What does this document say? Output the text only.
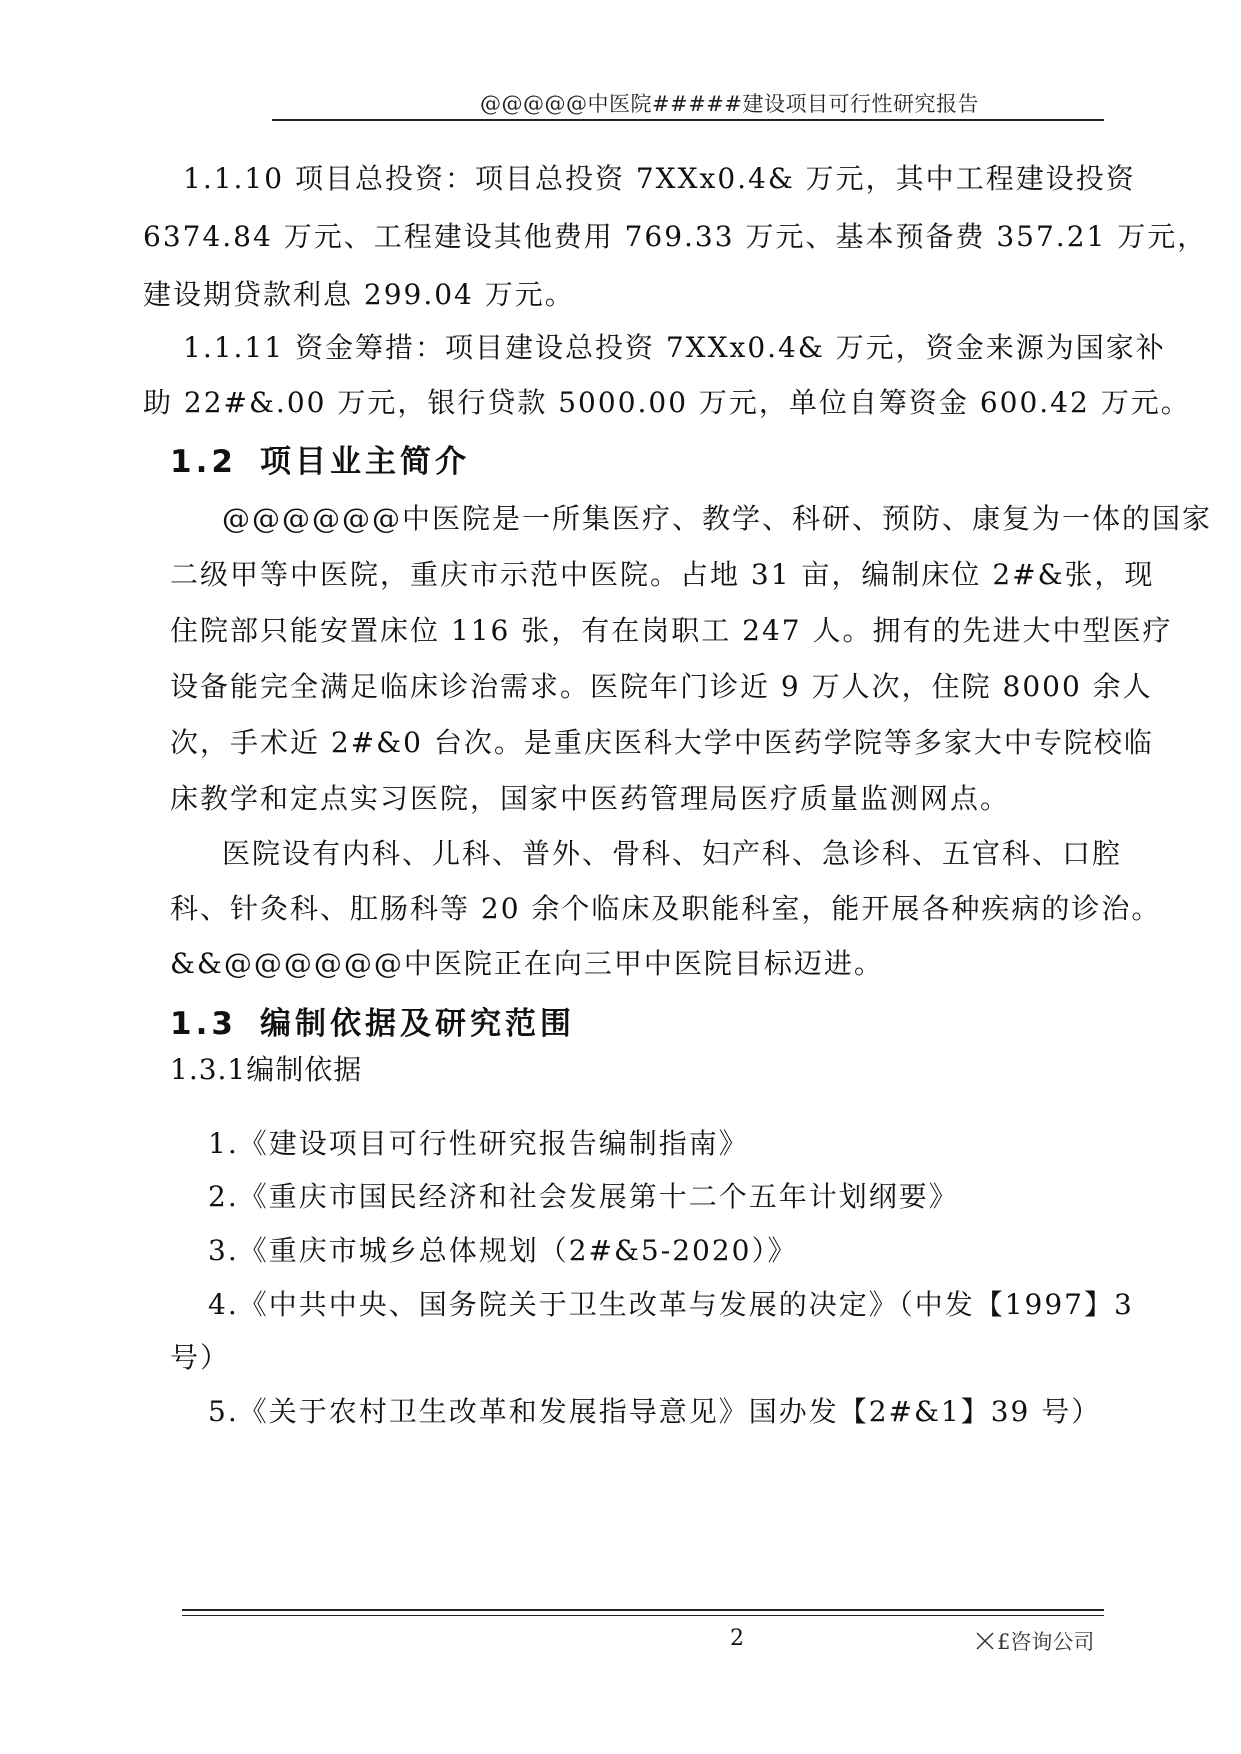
@@@@@中医院#####建设项目可行性研究报告
1.1.10 项目总投资：项目总投资 7XXx0.4& 万元，其中工程建设投资
6374.84 万元、工程建设其他费用 769.33 万元、基本预备费 357.21 万元，
建设期贷款利息 299.04 万元。
1.1.11 资金筹措：项目建设总投资 7XXx0.4& 万元，资金来源为国家补
助 22#&.00 万元，银行贷款 5000.00 万元，单位自筹资金 600.42 万元。
1.2 项目业主简介
@@@@@@中医院是一所集医疗、教学、科研、预防、康复为一体的国家
二级甲等中医院，重庆市示范中医院。占地 31 亩，编制床位 2#&张，现
住院部只能安置床位 116 张，有在岗职工 247 人。拥有的先进大中型医疗
设备能完全满足临床诊治需求。医院年门诊近 9 万人次，住院 8000 余人
次，手术近 2#&0 台次。是重庆医科大学中医药学院等多家大中专院校临
床教学和定点实习医院，国家中医药管理局医疗质量监测网点。
医院设有内科、儿科、普外、骨科、妇产科、急诊科、五官科、口腔
科、针灸科、肛肠科等 20 余个临床及职能科室，能开展各种疾病的诊治。
&&@@@@@@中医院正在向三甲中医院目标迈进。
1.3 编制依据及研究范围
1.3.1编制依据
1.《建设项目可行性研究报告编制指南》
2.《重庆市国民经济和社会发展第十二个五年计划纲要》
3.《重庆市城乡总体规划（2#&5-2020）》
4.《中共中央、国务院关于卫生改革与发展的决定》（中发【1997】3
号）
5.《关于农村卫生改革和发展指导意见》国办发【2#&1】39 号）
2	£咨询公司
